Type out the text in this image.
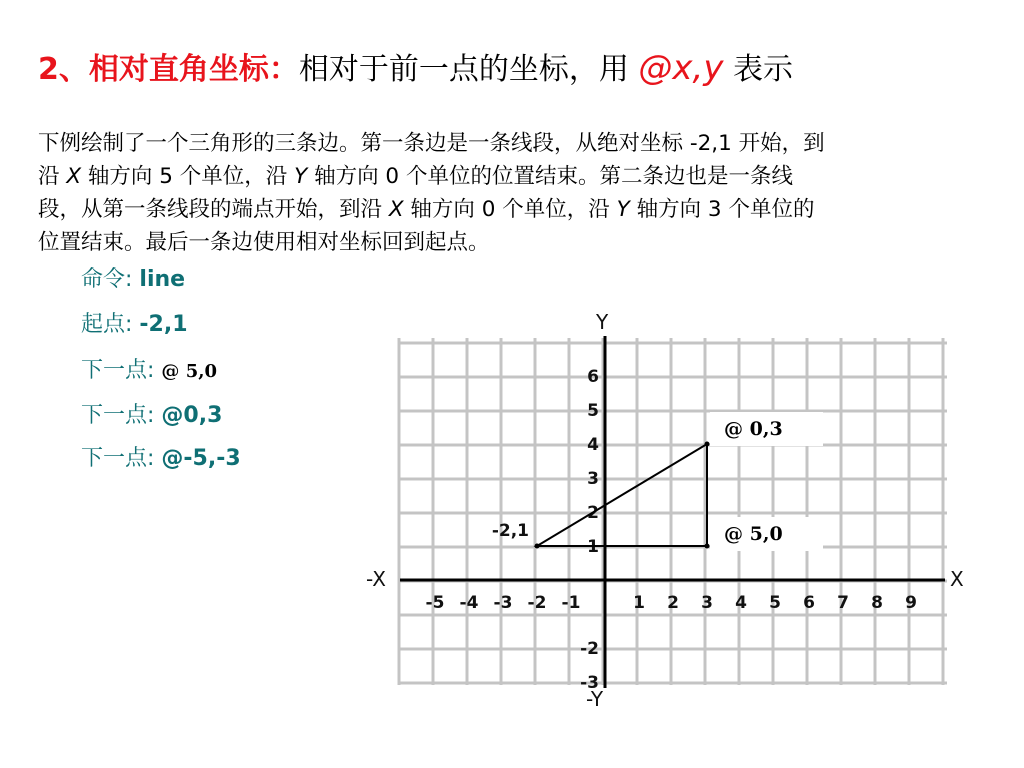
2、相对直角坐标：相对于前一点的坐标，用 @x,y 表示

下例绘制了一个三角形的三条边。第一条边是一条线段，从绝对坐标 -2,1 开始，到

沿 X 轴方向 5 个单位，沿 Y 轴方向 0 个单位的位置结束。第二条边也是一条线

段，从第一条线段的端点开始，到沿 X 轴方向 0 个单位，沿 Y 轴方向 3 个单位的

位置结束。最后一条边使用相对坐标回到起点。

命令: line
起点: -2,1
下一点: @ 5,0
下一点: @0,3
下一点: @-5,-3
X
-X
Y
-Y
-5 -4 -3 -2 -1	1 2 3 4 5 6 7 8 9
6
5
4
3
2
1
-2
-3
-2,1
@ 0,3
@ 5,0
